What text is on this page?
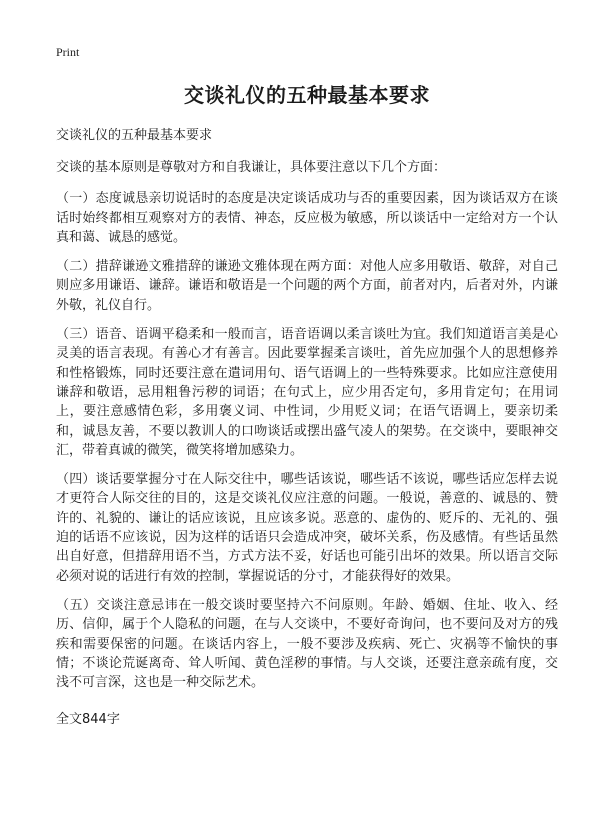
Print
交谈礼仪的五种最基本要求
交谈礼仪的五种最基本要求

交谈的基本原则是尊敬对方和自我谦让，具体要注意以下几个方面：

（一）态度诚恳亲切说话时的态度是决定谈话成功与否的重要因素，因为谈话双方在谈话时始终都相互观察对方的表情、神态，反应极为敏感，所以谈话中一定给对方一个认真和蔼、诚恳的感觉。

（二）措辞谦逊文雅措辞的谦逊文雅体现在两方面：对他人应多用敬语、敬辞，对自己则应多用谦语、谦辞。谦语和敬语是一个问题的两个方面，前者对内，后者对外，内谦外敬，礼仪自行。

（三）语音、语调平稳柔和一般而言，语音语调以柔言谈吐为宜。我们知道语言美是心灵美的语言表现。有善心才有善言。因此要掌握柔言谈吐，首先应加强个人的思想修养和性格锻炼，同时还要注意在遣词用句、语气语调上的一些特殊要求。比如应注意使用谦辞和敬语，忌用粗鲁污秽的词语；在句式上，应少用否定句，多用肯定句；在用词上，要注意感情色彩，多用褒义词、中性词，少用贬义词；在语气语调上，要亲切柔和，诚恳友善，不要以教训人的口吻谈话或摆出盛气凌人的架势。在交谈中，要眼神交汇，带着真诚的微笑，微笑将增加感染力。

（四）谈话要掌握分寸在人际交往中，哪些话该说，哪些话不该说，哪些话应怎样去说才更符合人际交往的目的，这是交谈礼仪应注意的问题。一般说，善意的、诚恳的、赞许的、礼貌的、谦让的话应该说，且应该多说。恶意的、虚伪的、贬斥的、无礼的、强迫的话语不应该说，因为这样的话语只会造成冲突，破坏关系，伤及感情。有些话虽然出自好意，但措辞用语不当，方式方法不妥，好话也可能引出坏的效果。所以语言交际必须对说的话进行有效的控制，掌握说话的分寸，才能获得好的效果。

（五）交谈注意忌讳在一般交谈时要坚持六不问原则。年龄、婚姻、住址、收入、经历、信仰，属于个人隐私的问题，在与人交谈中，不要好奇询问，也不要问及对方的残疾和需要保密的问题。在谈话内容上，一般不要涉及疾病、死亡、灾祸等不愉快的事情；不谈论荒诞离奇、耸人听闻、黄色淫秽的事情。与人交谈，还要注意亲疏有度，交浅不可言深，这也是一种交际艺术。

全文844字
